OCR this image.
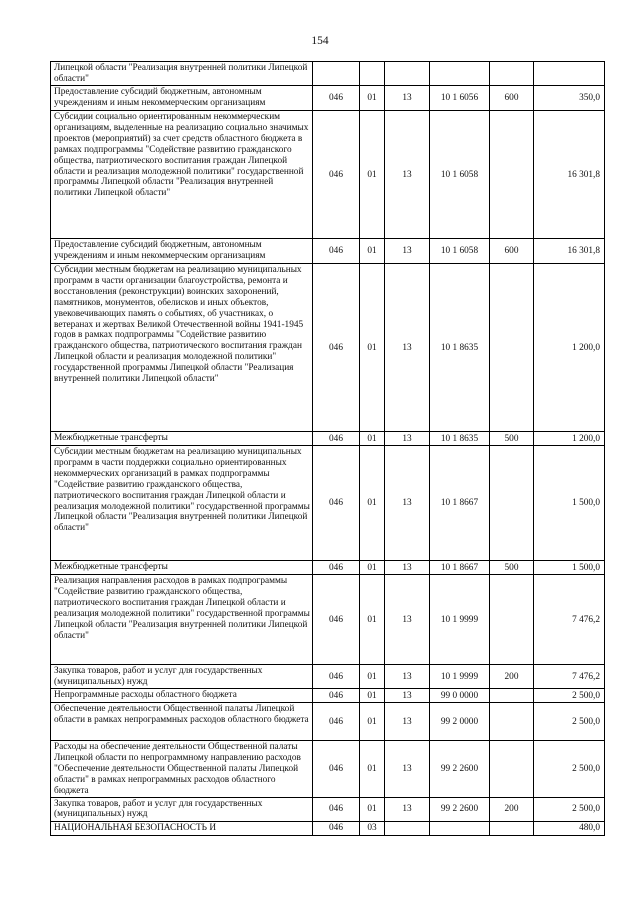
154
Липецкой области "Реализация внутренней политики Липецкой области"						
Предоставление субсидий бюджетным, автономным учреждениям и иным некоммерческим организациям	046	01	13	10 1 6056	600	350,0
Субсидии социально ориентированным некоммерческим организациям, выделенные на реализацию социально значимых проектов (мероприятий) за счет средств областного бюджета в рамках подпрограммы "Содействие развитию гражданского общества, патриотического воспитания граждан Липецкой области и реализация молодежной политики" государственной программы Липецкой области "Реализация внутренней политики Липецкой области"	046	01	13	10 1 6058		16 301,8
Предоставление субсидий бюджетным, автономным учреждениям и иным некоммерческим организациям	046	01	13	10 1 6058	600	16 301,8
Субсидии местным бюджетам на реализацию муниципальных программ в части организации благоустройства, ремонта и восстановления (реконструкции) воинских захоронений, памятников, монументов, обелисков и иных объектов, увековечивающих память о событиях, об участниках, о ветеранах и жертвах Великой Отечественной войны 1941-1945 годов в рамках подпрограммы "Содействие развитию гражданского общества, патриотического воспитания граждан Липецкой области и реализация молодежной политики" государственной программы Липецкой области "Реализация внутренней политики Липецкой области"	046	01	13	10 1 8635		1 200,0
Межбюджетные трансферты	046	01	13	10 1 8635	500	1 200,0
Субсидии местным бюджетам на реализацию муниципальных программ в части поддержки социально ориентированных некоммерческих организаций в рамках подпрограммы "Содействие развитию гражданского общества, патриотического воспитания граждан Липецкой области и реализация молодежной политики" государственной программы Липецкой области "Реализация внутренней политики Липецкой области"	046	01	13	10 1 8667		1 500,0
Межбюджетные трансферты	046	01	13	10 1 8667	500	1 500,0
Реализация направления расходов в рамках подпрограммы "Содействие развитию гражданского общества, патриотического воспитания граждан Липецкой области и реализация молодежной политики" государственной программы Липецкой области "Реализация внутренней политики Липецкой области"	046	01	13	10 1 9999		7 476,2
Закупка товаров, работ и услуг для государственных (муниципальных) нужд	046	01	13	10 1 9999	200	7 476,2
Непрограммные расходы областного бюджета	046	01	13	99 0 0000		2 500,0
Обеспечение деятельности Общественной палаты Липецкой области в рамках непрограммных расходов областного бюджета	046	01	13	99 2 0000		2 500,0
Расходы на обеспечение деятельности Общественной палаты Липецкой области по непрограммному направлению расходов "Обеспечение деятельности Общественной палаты Липецкой области" в рамках непрограммных расходов областного бюджета	046	01	13	99 2 2600		2 500,0
Закупка товаров, работ и услуг для государственных (муниципальных) нужд	046	01	13	99 2 2600	200	2 500,0
НАЦИОНАЛЬНАЯ БЕЗОПАСНОСТЬ И	046	03				480,0
